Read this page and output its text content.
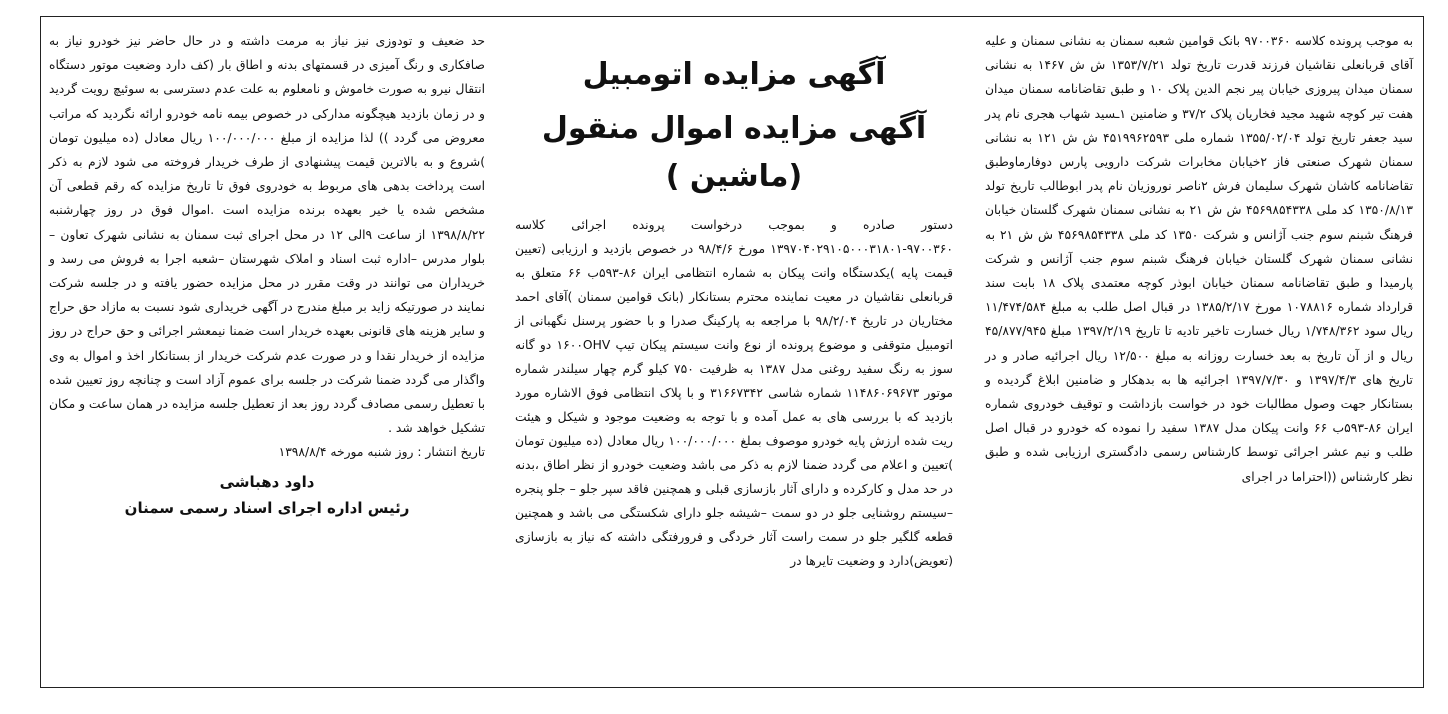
به موجب پرونده کلاسه ۹۷۰۰۳۶۰ بانک قوامین شعبه سمنان به نشانی سمنان و علیه آقای قربانعلی نقاشیان فرزند قدرت تاریخ تولد ۱۳۵۳/۷/۲۱ ش ش ۱۴۶۷ به نشانی سمنان میدان پیروزی خیابان پیر نجم الدین پلاک ۱۰ و طبق تقاضانامه سمنان میدان هفت تیر کوچه شهید مجید فخاریان پلاک ۳۷/۲ و ضامنین ۱ـسید شهاب هجری نام پدر سید جعفر تاریخ تولد ۱۳۵۵/۰۲/۰۴ شماره ملی ۴۵۱۹۹۶۲۵۹۳ ش ش ۱۲۱ به نشانی سمنان شهرک صنعتی فاز ۲خیابان مخابرات شرکت دارویی پارس دوفارماوطبق تقاضانامه کاشان شهرک سلیمان فرش ۲ناصر نوروزیان نام پدر ابوطالب تاریخ تولد ۱۳۵۰/۸/۱۳ کد ملی ۴۵۶۹۸۵۴۳۳۸ ش ش ۲۱ به نشانی سمنان شهرک گلستان خیابان فرهنگ شبنم سوم جنب آژانس و شرکت ۱۳۵۰ کد ملی ۴۵۶۹۸۵۴۳۳۸ ش ش ۲۱ به نشانی سمنان شهرک گلستان خیابان فرهنگ شبنم سوم جنب آژانس و شرکت پارمیدا و طبق تقاضانامه سمنان خیابان ابوذر کوچه معتمدی پلاک ۱۸ بابت سند قرارداد شماره ۱۰۷۸۸۱۶ مورخ ۱۳۸۵/۲/۱۷ در قبال اصل طلب به مبلغ ۱۱/۴۷۴/۵۸۴ ریال سود ۱/۷۴۸/۳۶۲ ریال خسارت تاخیر تادیه تا تاریخ ۱۳۹۷/۲/۱۹ مبلغ ۴۵/۸۷۷/۹۴۵ ریال و از آن تاریخ به بعد خسارت روزانه به مبلغ ۱۲/۵۰۰ ریال اجرائیه صادر و در تاریخ های ۱۳۹۷/۴/۳ و ۱۳۹۷/۷/۳۰ اجرائیه ها به بدهکار و ضامنین ابلاغ گردیده و بستانکار جهت وصول مطالبات خود در خواست بازداشت و توقیف خودروی شماره ایران ۸۶-۵۹۳ب ۶۶ وانت پیکان مدل ۱۳۸۷ سفید را نموده که خودرو در قبال اصل طلب و نیم عشر اجرائی توسط کارشناس رسمی دادگستری ارزیابی شده و طبق نظر کارشناس ((احتراما در اجرای

آگهی مزایده اتومبیل
آگهی مزایده اموال منقول (ماشین )

دستور صادره و بموجب درخواست پرونده اجرائی کلاسه ۹۷۰۰۳۶۰-۱۳۹۷۰۴۰۲۹۱۰۵۰۰۰۳۱۸۰۱ مورخ ۹۸/۴/۶ در خصوص بازدید و ارزیابی (تعیین قیمت پایه )یکدستگاه وانت پیکان به شماره انتظامی ایران ۸۶-۵۹۳ب ۶۶ متعلق به قربانعلی نقاشیان در معیت نماینده محترم بستانکار (بانک قوامین سمنان )آقای احمد مختاریان در تاریخ ۹۸/۲/۰۴ با مراجعه به پارکینگ صدرا و با حضور پرسنل نگهبانی از اتومبیل متوقفی و موضوع پرونده از نوع وانت سیستم پیکان تیپ ۱۶۰۰OHV دو گانه سوز به رنگ سفید روغنی مدل ۱۳۸۷ به ظرفیت ۷۵۰ کیلو گرم چهار سیلندر شماره موتور ۱۱۴۸۶۰۶۹۶۷۳ شماره شاسی ۳۱۶۶۷۳۴۲ و با پلاک انتظامی فوق الاشاره مورد بازدید که با بررسی های به عمل آمده و با توجه به وضعیت موجود و شیکل و هیئت ریت شده ارزش پایه خودرو موصوف بملغ ۱۰۰/۰۰۰/۰۰۰ ریال معادل (ده میلیون تومان )تعیین و اعلام می گردد ضمنا لازم به ذکر می باشد وضعیت خودرو از نظر اطاق ،بدنه در حد مدل و کارکرده و دارای آثار بازسازی قبلی و همچنین فاقد سپر جلو – جلو پنجره –سیستم روشنایی جلو در دو سمت –شیشه جلو دارای شکستگی می باشد و همچنین قطعه گلگیر جلو در سمت راست آثار خردگی و فرورفتگی داشته که نیاز به بازسازی (تعویض)دارد و وضعیت تایرها در

حد ضعیف و تودوزی نیز نیاز به مرمت داشته و در حال حاضر نیز خودرو نیاز به صافکاری و رنگ آمیزی در قسمتهای بدنه و اطاق بار (کف دارد وضعیت موتور دستگاه انتقال نیرو به صورت خاموش و نامعلوم به علت عدم دسترسی به سوئیچ رویت گردید و در زمان بازدید هیچگونه مدارکی در خصوص بیمه نامه خودرو ارائه نگردید که مراتب معروض می گردد )) لذا مزایده از مبلغ ۱۰۰/۰۰۰/۰۰۰ ریال معادل (ده میلیون تومان )شروع و به بالاترین قیمت پیشنهادی از طرف خریدار فروخته می شود لازم به ذکر است پرداخت بدهی های مربوط به خودروی فوق تا تاریخ مزایده که رقم قطعی آن مشخص شده یا خیر بعهده برنده مزایده است .اموال فوق در روز چهارشنبه ۱۳۹۸/۸/۲۲ از ساعت ۹الی ۱۲ در محل اجرای ثبت سمنان به نشانی شهرک تعاون –بلوار مدرس –اداره ثبت اسناد و املاک شهرستان –شعبه اجرا به فروش می رسد و خریداران می توانند در وقت مقرر در محل مزایده حضور یافته و در جلسه شرکت نمایند در صورتیکه زاید بر مبلغ مندرج در آگهی خریداری شود نسبت به مازاد حق حراج و سایر هزینه های قانونی بعهده خریدار است ضمنا نیمعشر اجرائی و حق حراج در روز مزایده از خریدار نقدا و در صورت عدم شرکت خریدار از بستانکار اخذ و اموال به وی واگذار می گردد ضمنا شرکت در جلسه برای عموم آزاد است و چنانچه روز تعیین شده با تعطیل رسمی مصادف گردد روز بعد از تعطیل جلسه مزایده در همان ساعت و مکان تشکیل خواهد شد .

تاریخ انتشار : روز شنبه مورخه ۱۳۹۸/۸/۴

داود دهباشی
رئیس اداره اجرای اسناد رسمی سمنان
